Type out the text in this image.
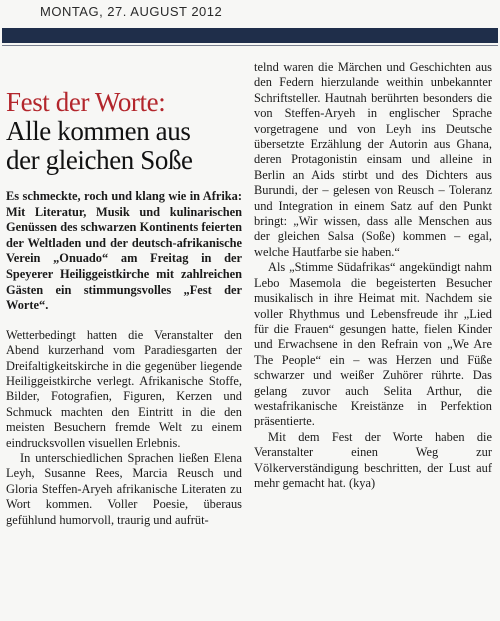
MONTAG, 27. AUGUST 2012
Fest der Worte:
Alle kommen aus
der gleichen Soße

Es schmeckte, roch und klang wie in Afrika: Mit Literatur, Musik und kulinarischen Genüssen des schwarzen Kontinents feierten der Weltladen und der deutsch-afrikanische Verein „Onuado“ am Freitag in der Speyerer Heiliggeistkirche mit zahlreichen Gästen ein stimmungsvolles „Fest der Worte“.

Wetterbedingt hatten die Veranstalter den Abend kurzerhand vom Paradiesgarten der Dreifaltigkeitskirche in die gegenüber liegende Heiliggeistkirche verlegt. Afrikanische Stoffe, Bilder, Fotografien, Figuren, Kerzen und Schmuck machten den Eintritt in die den meisten Besuchern fremde Welt zu einem eindrucksvollen visuellen Erlebnis.

In unterschiedlichen Sprachen ließen Elena Leyh, Susanne Rees, Marcia Reusch und Gloria Steffen-Aryeh afrikanische Literaten zu Wort kommen. Voller Poesie, überaus gefühlund humorvoll, traurig und aufrüt-

telnd waren die Märchen und Geschichten aus den Federn hierzulande weithin unbekannter Schriftsteller. Hautnah berührten besonders die von Steffen-Aryeh in englischer Sprache vorgetragene und von Leyh ins Deutsche übersetzte Erzählung der Autorin aus Ghana, deren Protagonistin einsam und alleine in Berlin an Aids stirbt und des Dichters aus Burundi, der – gelesen von Reusch – Toleranz und Integration in einem Satz auf den Punkt bringt: „Wir wissen, dass alle Menschen aus der gleichen Salsa (Soße) kommen – egal, welche Hautfarbe sie haben.“

Als „Stimme Südafrikas“ angekündigt nahm Lebo Masemola die begeisterten Besucher musikalisch in ihre Heimat mit. Nachdem sie voller Rhythmus und Lebensfreude ihr „Lied für die Frauen“ gesungen hatte, fielen Kinder und Erwachsene in den Refrain von „We Are The People“ ein – was Herzen und Füße schwarzer und weißer Zuhörer rührte. Das gelang zuvor auch Selita Arthur, die westafrikanische Kreistänze in Perfektion präsentierte.

Mit dem Fest der Worte haben die Veranstalter einen Weg zur Völkerverständigung beschritten, der Lust auf mehr gemacht hat. (kya)
